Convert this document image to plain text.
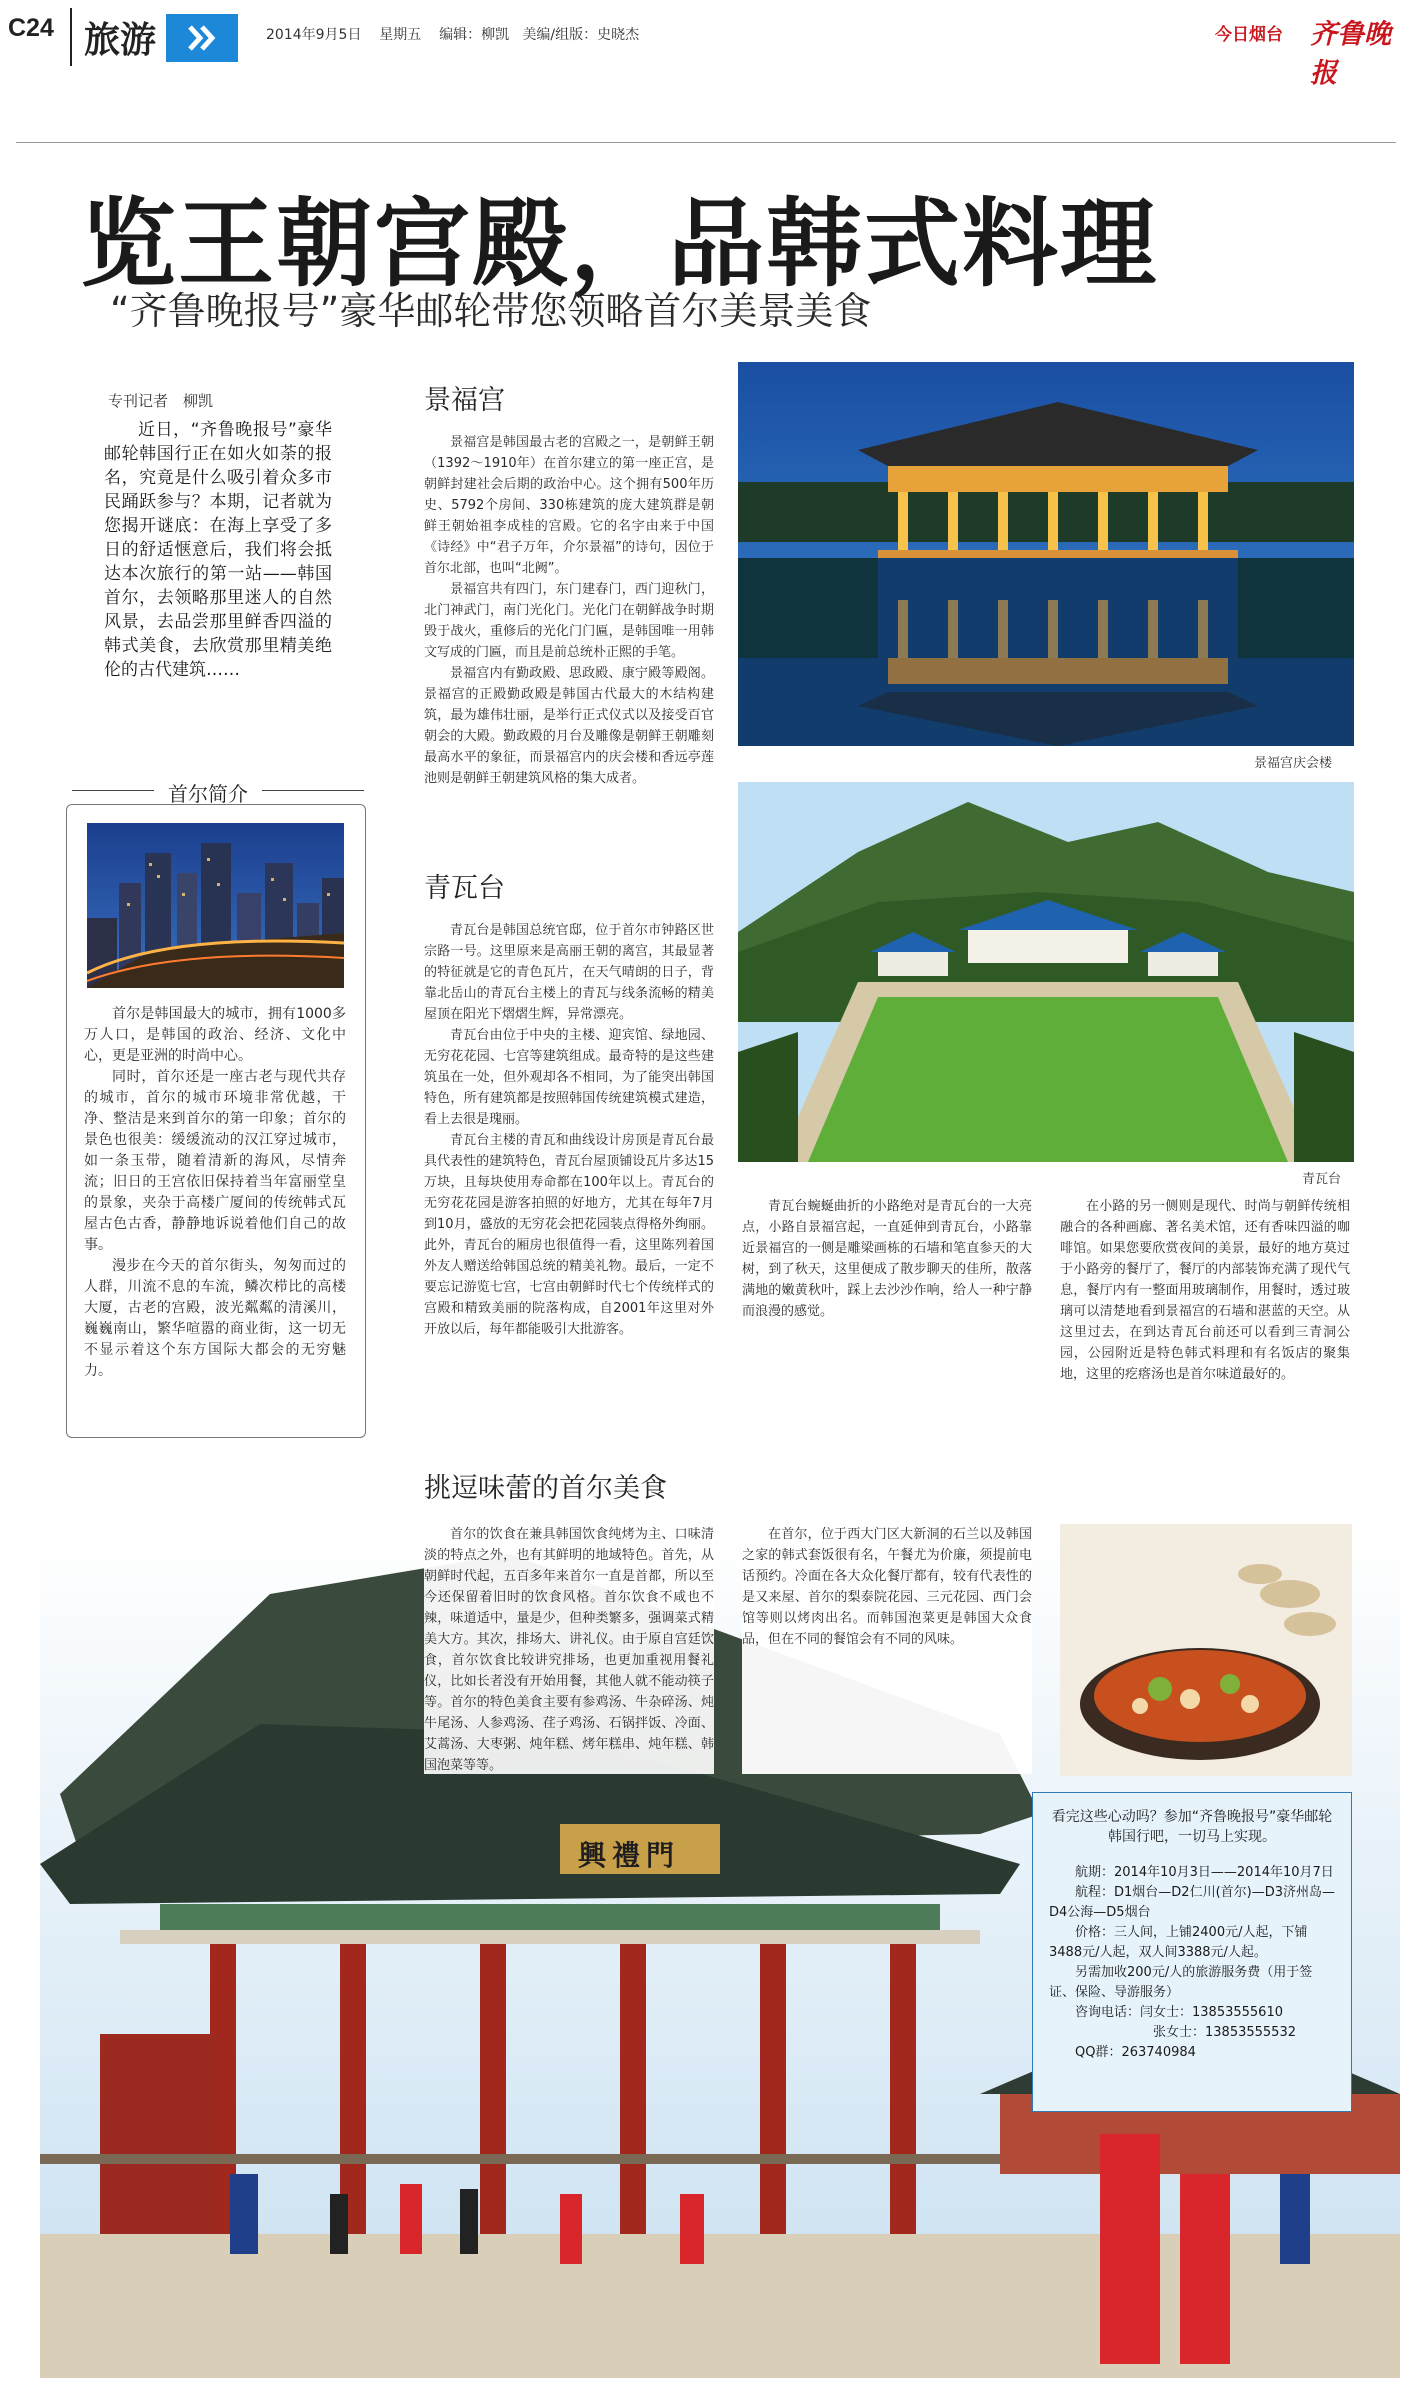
C24 旅游	2014年9月5日 星期五 编辑：柳凯 美编/组版：史晓杰	今日烟台 齐鲁晚报
览王朝宫殿，品韩式料理
“齐鲁晚报号”豪华邮轮带您领略首尔美景美食
专刊记者　柳凯

近日，“齐鲁晚报号”豪华邮轮韩国行正在如火如荼的报名，究竟是什么吸引着众多市民踊跃参与？本期，记者就为您揭开谜底：在海上享受了多日的舒适惬意后，我们将会抵达本次旅行的第一站——韩国首尔，去领略那里迷人的自然风景，去品尝那里鲜香四溢的韩式美食，去欣赏那里精美绝伦的古代建筑……

首尔简介

首尔是韩国最大的城市，拥有1000多万人口，是韩国的政治、经济、文化中心，更是亚洲的时尚中心。

同时，首尔还是一座古老与现代共存的城市，首尔的城市环境非常优越，干净、整洁是来到首尔的第一印象；首尔的景色也很美：缓缓流动的汉江穿过城市，如一条玉带，随着清新的海风，尽情奔流；旧日的王宫依旧保持着当年富丽堂皇的景象，夹杂于高楼广厦间的传统韩式瓦屋古色古香，静静地诉说着他们自己的故事。

漫步在今天的首尔街头，匆匆而过的人群，川流不息的车流，鳞次栉比的高楼大厦，古老的宫殿，波光粼粼的清溪川，巍巍南山，繁华喧嚣的商业街，这一切无不显示着这个东方国际大都会的无穷魅力。

景福宫

景福宫是韩国最古老的宫殿之一，是朝鲜王朝（1392～1910年）在首尔建立的第一座正宫，是朝鲜封建社会后期的政治中心。这个拥有500年历史、5792个房间、330栋建筑的庞大建筑群是朝鲜王朝始祖李成桂的宫殿。它的名字由来于中国《诗经》中“君子万年，介尔景福”的诗句，因位于首尔北部，也叫“北阙”。

景福宫共有四门，东门建春门，西门迎秋门，北门神武门，南门光化门。光化门在朝鲜战争时期毁于战火，重修后的光化门门匾，是韩国唯一用韩文写成的门匾，而且是前总统朴正熙的手笔。

景福宫内有勤政殿、思政殿、康宁殿等殿阁。景福宫的正殿勤政殿是韩国古代最大的木结构建筑，最为雄伟壮丽，是举行正式仪式以及接受百官朝会的大殿。勤政殿的月台及雕像是朝鲜王朝雕刻最高水平的象征，而景福宫内的庆会楼和香远亭莲池则是朝鲜王朝建筑风格的集大成者。

景福宫庆会楼
青瓦台
青瓦台

青瓦台是韩国总统官邸，位于首尔市钟路区世宗路一号。这里原来是高丽王朝的离宫，其最显著的特征就是它的青色瓦片，在天气晴朗的日子，背靠北岳山的青瓦台主楼上的青瓦与线条流畅的精美屋顶在阳光下熠熠生辉，异常漂亮。

青瓦台由位于中央的主楼、迎宾馆、绿地园、无穷花花园、七宫等建筑组成。最奇特的是这些建筑虽在一处，但外观却各不相同，为了能突出韩国特色，所有建筑都是按照韩国传统建筑模式建造，看上去很是瑰丽。

青瓦台主楼的青瓦和曲线设计房顶是青瓦台最具代表性的建筑特色，青瓦台屋顶铺设瓦片多达15万块，且每块使用寿命都在100年以上。青瓦台的无穷花花园是游客拍照的好地方，尤其在每年7月到10月，盛放的无穷花会把花园装点得格外绚丽。此外，青瓦台的厢房也很值得一看，这里陈列着国外友人赠送给韩国总统的精美礼物。最后，一定不要忘记游览七宫，七宫由朝鲜时代七个传统样式的宫殿和精致美丽的院落构成，自2001年这里对外开放以后，每年都能吸引大批游客。

青瓦台蜿蜒曲折的小路绝对是青瓦台的一大亮点，小路自景福宫起，一直延伸到青瓦台，小路靠近景福宫的一侧是雕梁画栋的石墙和笔直参天的大树，到了秋天，这里便成了散步聊天的佳所，散落满地的嫩黄秋叶，踩上去沙沙作响，给人一种宁静而浪漫的感觉。

在小路的另一侧则是现代、时尚与朝鲜传统相融合的各种画廊、著名美术馆，还有香味四溢的咖啡馆。如果您要欣赏夜间的美景，最好的地方莫过于小路旁的餐厅了，餐厅的内部装饰充满了现代气息，餐厅内有一整面用玻璃制作，用餐时，透过玻璃可以清楚地看到景福宫的石墙和湛蓝的天空。从这里过去，在到达青瓦台前还可以看到三青洞公园，公园附近是特色韩式料理和有名饭店的聚集地，这里的疙瘩汤也是首尔味道最好的。

挑逗味蕾的首尔美食
興禮門

首尔的饮食在兼具韩国饮食纯烤为主、口味清淡的特点之外，也有其鲜明的地域特色。首先，从朝鲜时代起，五百多年来首尔一直是首都，所以至今还保留着旧时的饮食风格。首尔饮食不咸也不辣，味道适中，量是少，但种类繁多，强调菜式精美大方。其次，排场大、讲礼仪。由于原自宫廷饮食，首尔饮食比较讲究排场，也更加重视用餐礼仪，比如长者没有开始用餐，其他人就不能动筷子等。首尔的特色美食主要有参鸡汤、牛杂碎汤、炖牛尾汤、人参鸡汤、荏子鸡汤、石锅拌饭、冷面、艾蒿汤、大枣粥、炖年糕、烤年糕串、炖年糕、韩国泡菜等等。

在首尔，位于西大门区大新洞的石兰以及韩国之家的韩式套饭很有名，午餐尤为价廉，须提前电话预约。冷面在各大众化餐厅都有，较有代表性的是又来屋、首尔的梨泰院花园、三元花园、西门会馆等则以烤肉出名。而韩国泡菜更是韩国大众食品，但在不同的餐馆会有不同的风味。

看完这些心动吗？参加“齐鲁晚报号”豪华邮轮韩国行吧，一切马上实现。
航期：2014年10月3日——2014年10月7日
航程：D1烟台—D2仁川(首尔)—D3济州岛—D4公海—D5烟台
价格：三人间，上铺2400元/人起，下铺3488元/人起，双人间3388元/人起。
另需加收200元/人的旅游服务费（用于签证、保险、导游服务）
咨询电话：闫女士：13853555610
张女士：13853555532
QQ群：263740984
